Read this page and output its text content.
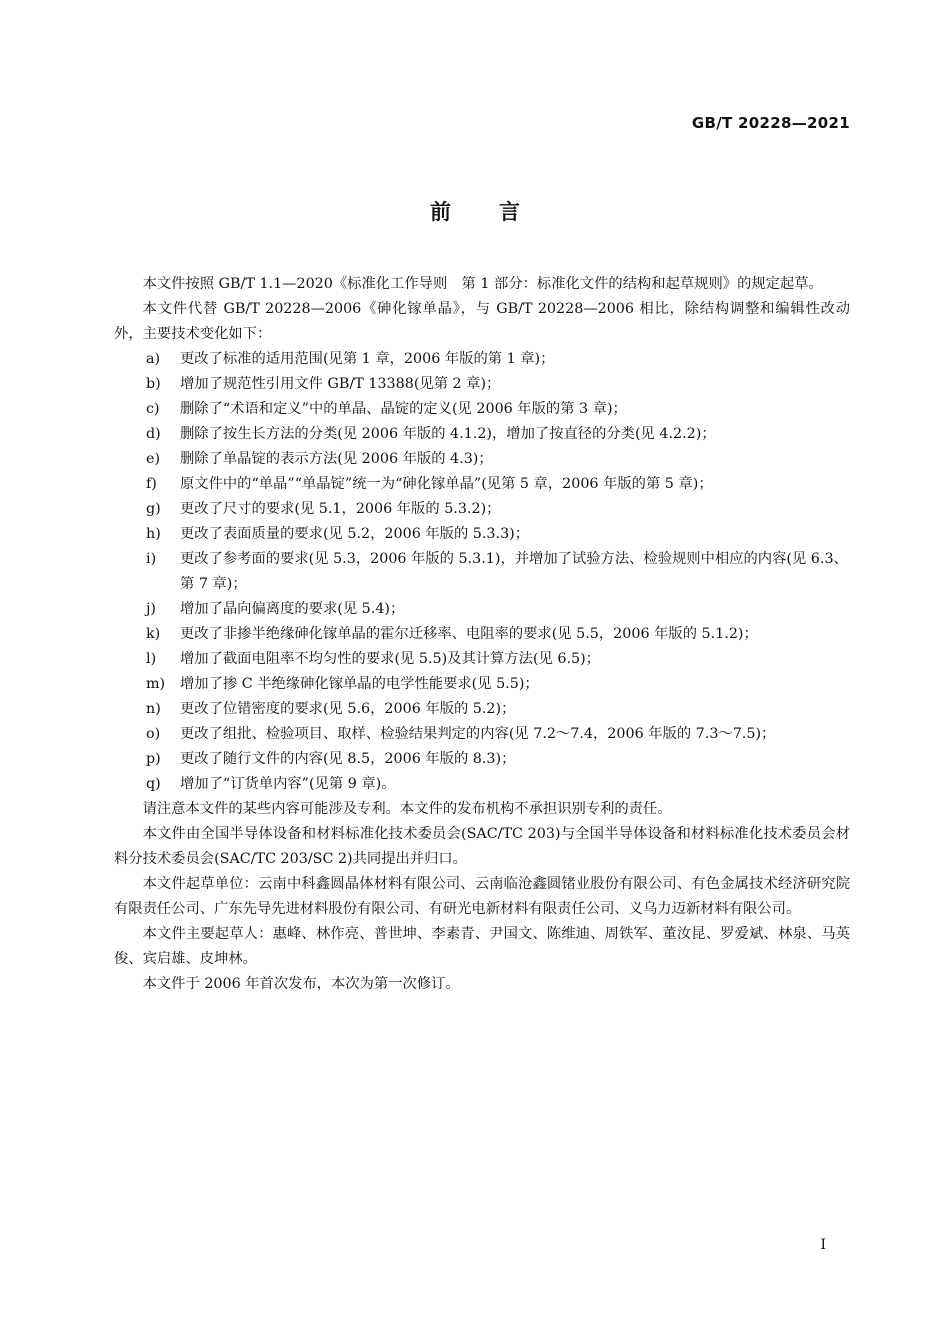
GB/T 20228—2021
前言

本文件按照 GB/T 1.1—2020《标准化工作导则　第 1 部分：标准化文件的结构和起草规则》的规定起草。

本文件代替 GB/T 20228—2006《砷化镓单晶》，与 GB/T 20228—2006 相比，除结构调整和编辑性改动外，主要技术变化如下：

a)	更改了标准的适用范围(见第 1 章，2006 年版的第 1 章)；
b)	增加了规范性引用文件 GB/T 13388(见第 2 章)；
c)	删除了“术语和定义”中的单晶、晶锭的定义(见 2006 年版的第 3 章)；
d)	删除了按生长方法的分类(见 2006 年版的 4.1.2)，增加了按直径的分类(见 4.2.2)；
e)	删除了单晶锭的表示方法(见 2006 年版的 4.3)；
f)	原文件中的“单晶”“单晶锭”统一为“砷化镓单晶”(见第 5 章，2006 年版的第 5 章)；
g)	更改了尺寸的要求(见 5.1，2006 年版的 5.3.2)；
h)	更改了表面质量的要求(见 5.2，2006 年版的 5.3.3)；
i)	更改了参考面的要求(见 5.3，2006 年版的 5.3.1)，并增加了试验方法、检验规则中相应的内容(见 6.3、第 7 章)；
j)	增加了晶向偏离度的要求(见 5.4)；
k)	更改了非掺半绝缘砷化镓单晶的霍尔迁移率、电阻率的要求(见 5.5，2006 年版的 5.1.2)；
l)	增加了截面电阻率不均匀性的要求(见 5.5)及其计算方法(见 6.5)；
m)	增加了掺 C 半绝缘砷化镓单晶的电学性能要求(见 5.5)；
n)	更改了位错密度的要求(见 5.6，2006 年版的 5.2)；
o)	更改了组批、检验项目、取样、检验结果判定的内容(见 7.2～7.4，2006 年版的 7.3～7.5)；
p)	更改了随行文件的内容(见 8.5，2006 年版的 8.3)；
q)	增加了“订货单内容”(见第 9 章)。

请注意本文件的某些内容可能涉及专利。本文件的发布机构不承担识别专利的责任。

本文件由全国半导体设备和材料标准化技术委员会(SAC/TC 203)与全国半导体设备和材料标准化技术委员会材料分技术委员会(SAC/TC 203/SC 2)共同提出并归口。

本文件起草单位：云南中科鑫圆晶体材料有限公司、云南临沧鑫圆锗业股份有限公司、有色金属技术经济研究院有限责任公司、广东先导先进材料股份有限公司、有研光电新材料有限责任公司、义乌力迈新材料有限公司。

本文件主要起草人：惠峰、林作亮、普世坤、李素青、尹国文、陈维迪、周铁军、董汝昆、罗爱斌、林泉、马英俊、宾启雄、皮坤林。

本文件于 2006 年首次发布，本次为第一次修订。

I
